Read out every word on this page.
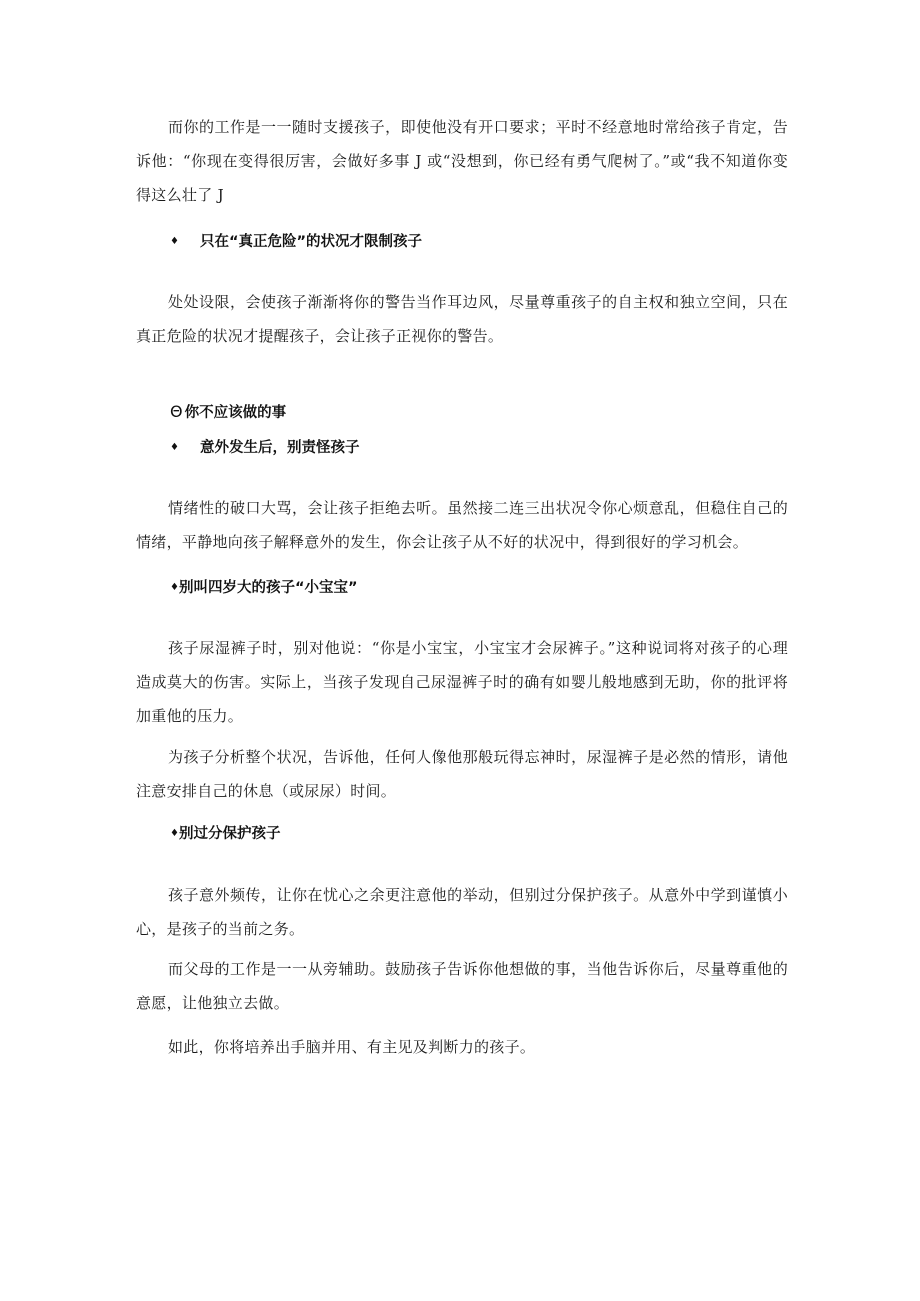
而你的工作是一一随时支援孩子，即使他没有开口要求；平时不经意地时常给孩子肯定，告诉他：“你现在变得很厉害，会做好多事 J 或“没想到，你已经有勇气爬树了。”或“我不知道你变得这么壮了 J

♦ 只在“真正危险”的状况才限制孩子

处处设限，会使孩子渐渐将你的警告当作耳边风，尽量尊重孩子的自主权和独立空间，只在真正危险的状况才提醒孩子，会让孩子正视你的警告。

Θ 你不应该做的事
♦ 意外发生后，别责怪孩子

情绪性的破口大骂，会让孩子拒绝去听。虽然接二连三出状况令你心烦意乱，但稳住自己的情绪，平静地向孩子解释意外的发生，你会让孩子从不好的状况中，得到很好的学习机会。

♦别叫四岁大的孩子“小宝宝”

孩子尿湿裤子时，别对他说：“你是小宝宝，小宝宝才会尿裤子。”这种说词将对孩子的心理造成莫大的伤害。实际上，当孩子发现自己尿湿裤子时的确有如婴儿般地感到无助，你的批评将加重他的压力。

为孩子分析整个状况，告诉他，任何人像他那般玩得忘神时，尿湿裤子是必然的情形，请他注意安排自己的休息（或尿尿）时间。

♦别过分保护孩子

孩子意外频传，让你在忧心之余更注意他的举动，但别过分保护孩子。从意外中学到谨慎小心，是孩子的当前之务。

而父母的工作是一一从旁辅助。鼓励孩子告诉你他想做的事，当他告诉你后，尽量尊重他的意愿，让他独立去做。

如此，你将培养出手脑并用、有主见及判断力的孩子。
